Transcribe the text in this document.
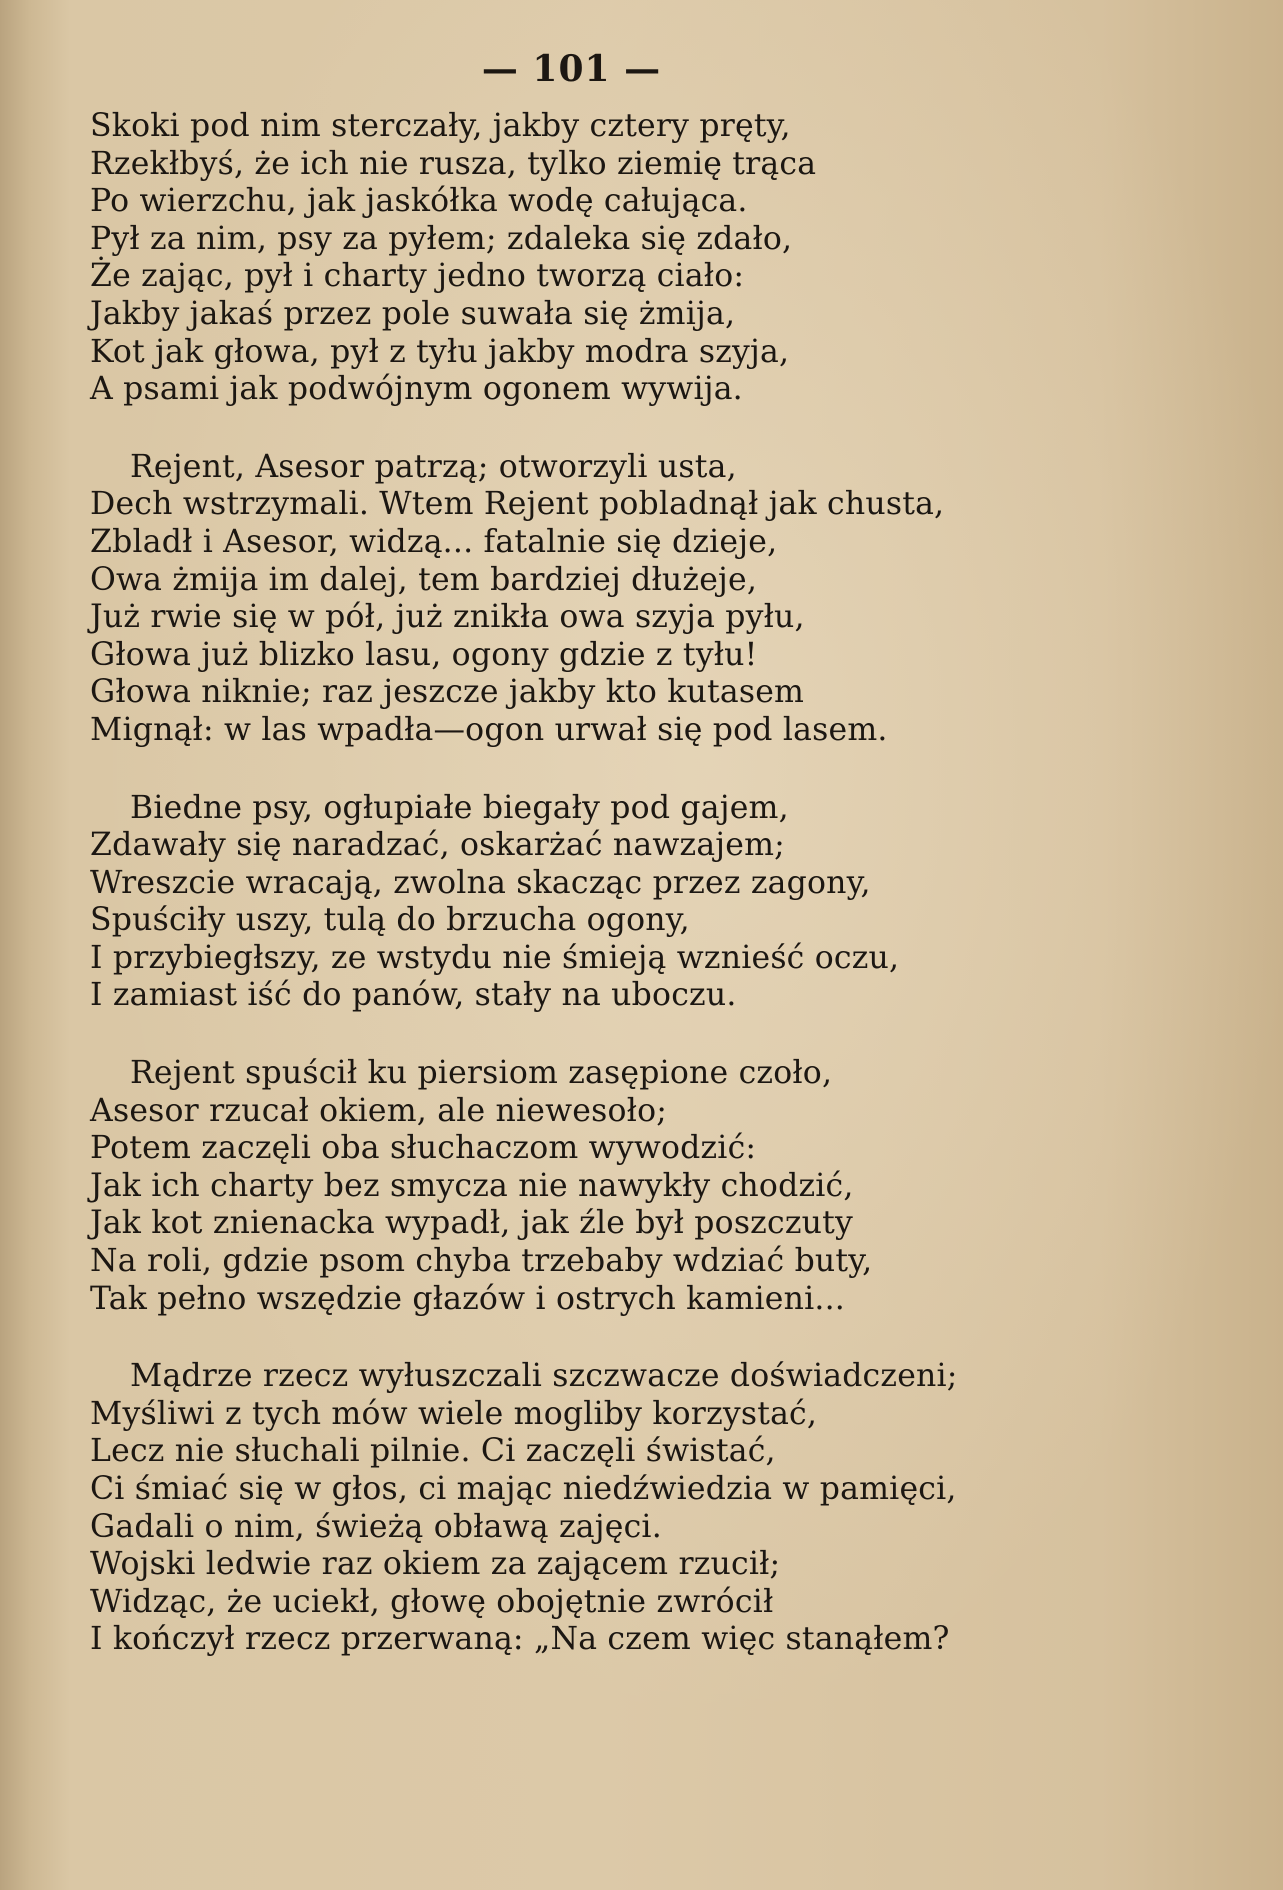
— 101 —
Skoki pod nim sterczały, jakby cztery pręty,
Rzekłbyś, że ich nie rusza, tylko ziemię trąca
Po wierzchu, jak jaskółka wodę całująca.
Pył za nim, psy za pyłem; zdaleka się zdało,
Że zając, pył i charty jedno tworzą ciało:
Jakby jakaś przez pole suwała się żmija,
Kot jak głowa, pył z tyłu jakby modra szyja,
A psami jak podwójnym ogonem wywija.
Rejent, Asesor patrzą; otworzyli usta,
Dech wstrzymali. Wtem Rejent pobladnął jak chusta,
Zbladł i Asesor, widzą... fatalnie się dzieje,
Owa żmija im dalej, tem bardziej dłużeje,
Już rwie się w pół, już znikła owa szyja pyłu,
Głowa już blizko lasu, ogony gdzie z tyłu!
Głowa niknie; raz jeszcze jakby kto kutasem
Mignął: w las wpadła—ogon urwał się pod lasem.
Biedne psy, ogłupiałe biegały pod gajem,
Zdawały się naradzać, oskarżać nawzajem;
Wreszcie wracają, zwolna skacząc przez zagony,
Spuściły uszy, tulą do brzucha ogony,
I przybiegłszy, ze wstydu nie śmieją wznieść oczu,
I zamiast iść do panów, stały na uboczu.
Rejent spuścił ku piersiom zasępione czoło,
Asesor rzucał okiem, ale niewesoło;
Potem zaczęli oba słuchaczom wywodzić:
Jak ich charty bez smycza nie nawykły chodzić,
Jak kot znienacka wypadł, jak źle był poszczuty
Na roli, gdzie psom chyba trzebaby wdziać buty,
Tak pełno wszędzie głazów i ostrych kamieni...
Mądrze rzecz wyłuszczali szczwacze doświadczeni;
Myśliwi z tych mów wiele mogliby korzystać,
Lecz nie słuchali pilnie. Ci zaczęli świstać,
Ci śmiać się w głos, ci mając niedźwiedzia w pamięci,
Gadali o nim, świeżą obławą zajęci.
Wojski ledwie raz okiem za zającem rzucił;
Widząc, że uciekł, głowę obojętnie zwrócił
I kończył rzecz przerwaną: „Na czem więc stanąłem?
